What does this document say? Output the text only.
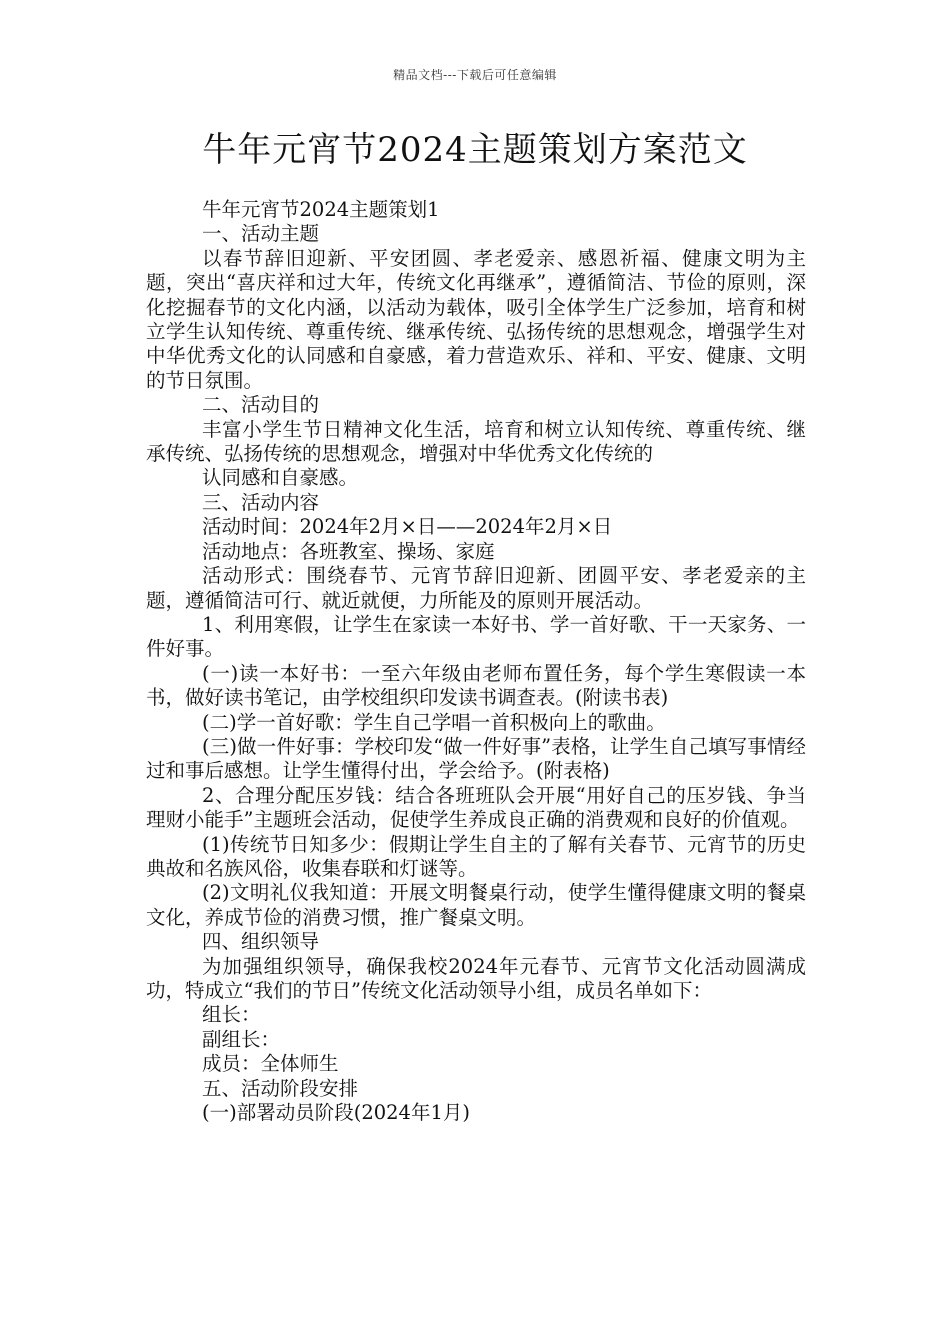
精品文档---下载后可任意编辑
牛年元宵节2024主题策划方案范文

牛年元宵节2024主题策划1

一、活动主题

以春节辞旧迎新、平安团圆、孝老爱亲、感恩祈福、健康文明为主题，突出“喜庆祥和过大年，传统文化再继承”，遵循简洁、节俭的原则，深化挖掘春节的文化内涵，以活动为载体，吸引全体学生广泛参加，培育和树立学生认知传统、尊重传统、继承传统、弘扬传统的思想观念，增强学生对中华优秀文化的认同感和自豪感，着力营造欢乐、祥和、平安、健康、文明的节日氛围。

二、活动目的

丰富小学生节日精神文化生活，培育和树立认知传统、尊重传统、继承传统、弘扬传统的思想观念，增强对中华优秀文化传统的

认同感和自豪感。

三、活动内容

活动时间：2024年2月×日——2024年2月×日

活动地点：各班教室、操场、家庭

活动形式：围绕春节、元宵节辞旧迎新、团圆平安、孝老爱亲的主题，遵循简洁可行、就近就便，力所能及的原则开展活动。

1、利用寒假，让学生在家读一本好书、学一首好歌、干一天家务、一件好事。

(一)读一本好书：一至六年级由老师布置任务，每个学生寒假读一本书，做好读书笔记，由学校组织印发读书调查表。(附读书表)

(二)学一首好歌：学生自己学唱一首积极向上的歌曲。

(三)做一件好事：学校印发“做一件好事”表格，让学生自己填写事情经过和事后感想。让学生懂得付出，学会给予。(附表格)

2、合理分配压岁钱：结合各班班队会开展“用好自己的压岁钱、争当理财小能手”主题班会活动，促使学生养成良正确的消费观和良好的价值观。

(1)传统节日知多少：假期让学生自主的了解有关春节、元宵节的历史典故和名族风俗，收集春联和灯谜等。

(2)文明礼仪我知道：开展文明餐桌行动，使学生懂得健康文明的餐桌文化，养成节俭的消费习惯，推广餐桌文明。

四、组织领导

为加强组织领导，确保我校2024年元春节、元宵节文化活动圆满成功，特成立“我们的节日”传统文化活动领导小组，成员名单如下：

组长：

副组长：

成员：全体师生

五、活动阶段安排

(一)部署动员阶段(2024年1月)
